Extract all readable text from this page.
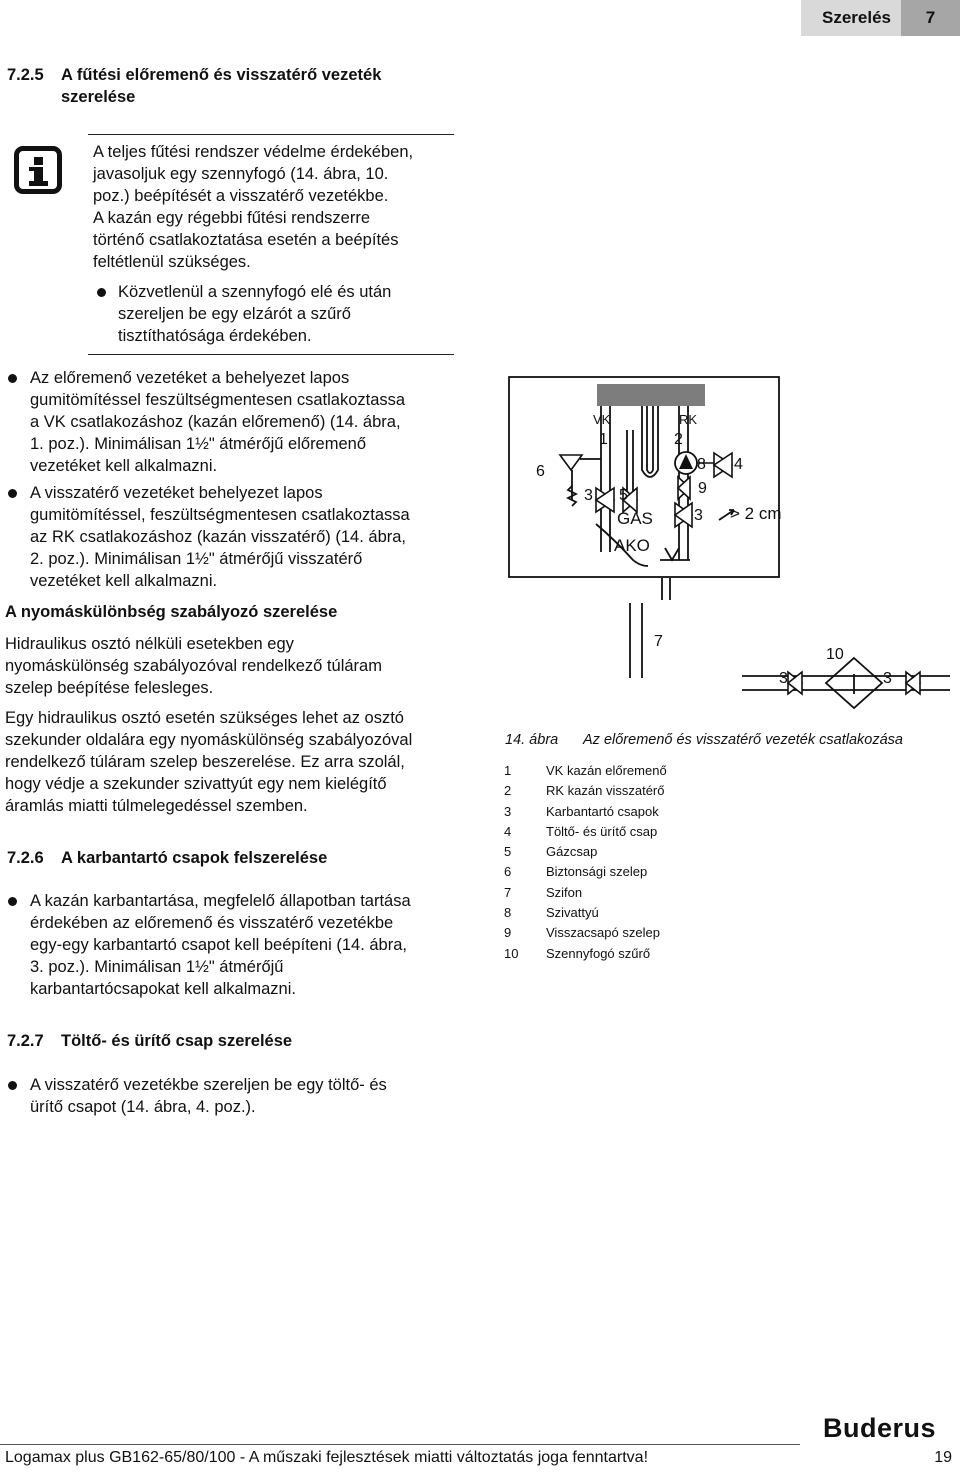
Szerelés	7
7.2.5 A fűtési előremenő és visszatérő vezeték
szerelése

A teljes fűtési rendszer védelme érdekében,

javasoljuk egy szennyfogó (14. ábra, 10.

poz.) beépítését a visszatérő vezetékbe.

A kazán egy régebbi fűtési rendszerre

történő csatlakoztatása esetén a beépítés

feltétlenül szükséges.

Közvetlenül a szennyfogó elé és után

szereljen be egy elzárót a szűrő

tisztíthatósága érdekében.

Az előremenő vezetéket a behelyezet lapos

gumitömítéssel feszültségmentesen csatlakoztassa

a VK csatlakozáshoz (kazán előremenő) (14. ábra,

1. poz.). Minimálisan 1½" átmérőjű előremenő

vezetéket kell alkalmazni.

A visszatérő vezetéket behelyezet lapos

gumitömítéssel, feszültségmentesen csatlakoztassa

az RK csatlakozáshoz (kazán visszatérő) (14. ábra,

2. poz.). Minimálisan 1½" átmérőjű visszatérő

vezetéket kell alkalmazni.

A nyomáskülönbség szabályozó szerelése

Hidraulikus osztó nélküli esetekben egy

nyomáskülönség szabályozóval rendelkező túláram

szelep beépítése felesleges.

Egy hidraulikus osztó esetén szükséges lehet az osztó

szekunder oldalára egy nyomáskülönség szabályozóval

rendelkező túláram szelep beszerelése. Ez arra szolál,

hogy védje a szekunder szivattyút egy nem kielégítő

áramlás miatti túlmelegedéssel szemben.

7.2.6 A karbantartó csapok felszerelése

A kazán karbantartása, megfelelő állapotban tartása

érdekében az előremenő és visszatérő vezetékbe

egy-egy karbantartó csapot kell beépíteni (14. ábra,

3. poz.). Minimálisan 1½" átmérőjű

karbantartócsapokat kell alkalmazni.

7.2.7 Töltő- és ürítő csap szerelése

A visszatérő vezetékbe szereljen be egy töltő- és

ürítő csapot (14. ábra, 4. poz.).

VK	RK
1	2
6	8 4
9
3 5
3
GAS
AKO
> 2 cm
7
10
3	3
14. ábra Az előremenő és visszatérő vezeték csatlakozása
1	VK kazán előremenő
2	RK kazán visszatérő
3	Karbantartó csapok
4	Töltő- és ürítő csap
5	Gázcsap
6	Biztonsági szelep
7	Szifon
8	Szivattyú
9	Visszacsapó szelep
10 Szennyfogó szűrő
Buderus
Logamax plus GB162-65/80/100 - A műszaki fejlesztések miatti változtatás joga fenntartva!	19
